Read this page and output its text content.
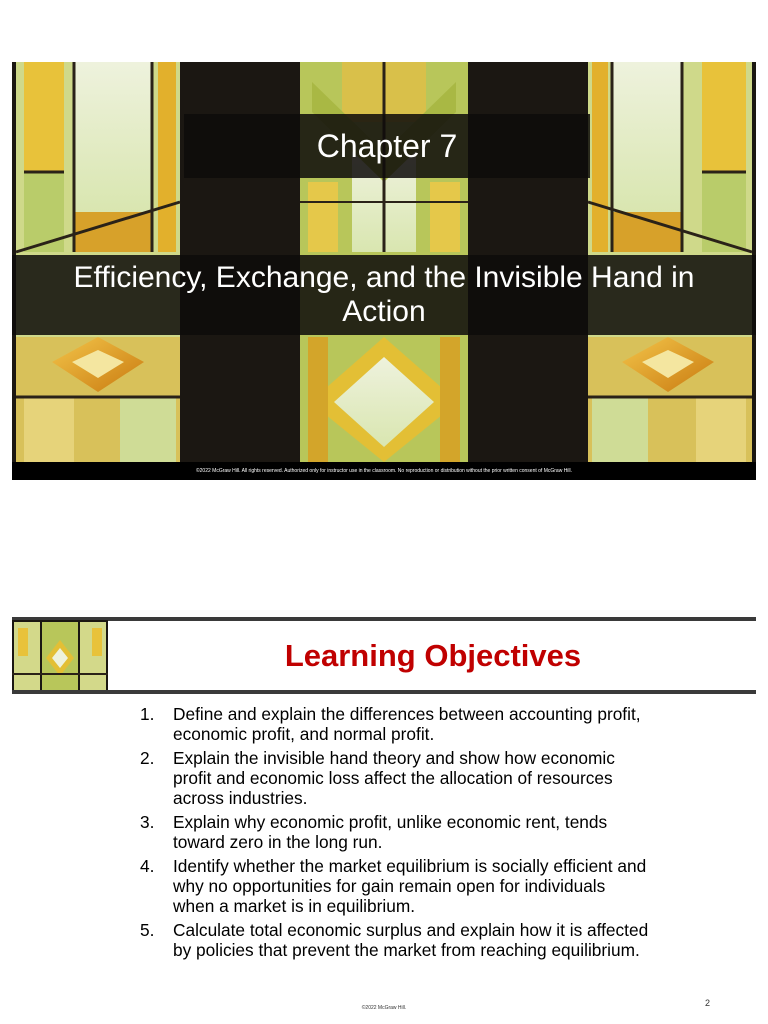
Chapter 7
Efficiency, Exchange, and the Invisible Hand in Action
©2022 McGraw Hill. All rights reserved. Authorized only for instructor use in the classroom. No reproduction or distribution without the prior written consent of McGraw Hill.
Learning Objectives
1.	Define and explain the differences between accounting profit, economic profit, and normal profit.
2.	Explain the invisible hand theory and show how economic profit and economic loss affect the allocation of resources across industries.
3.	Explain why economic profit, unlike economic rent, tends toward zero in the long run.
4.	Identify whether the market equilibrium is socially efficient and why no opportunities for gain remain open for individuals when a market is in equilibrium.
5.	Calculate total economic surplus and explain how it is affected by policies that prevent the market from reaching equilibrium.
2
©2022 McGraw Hill.
